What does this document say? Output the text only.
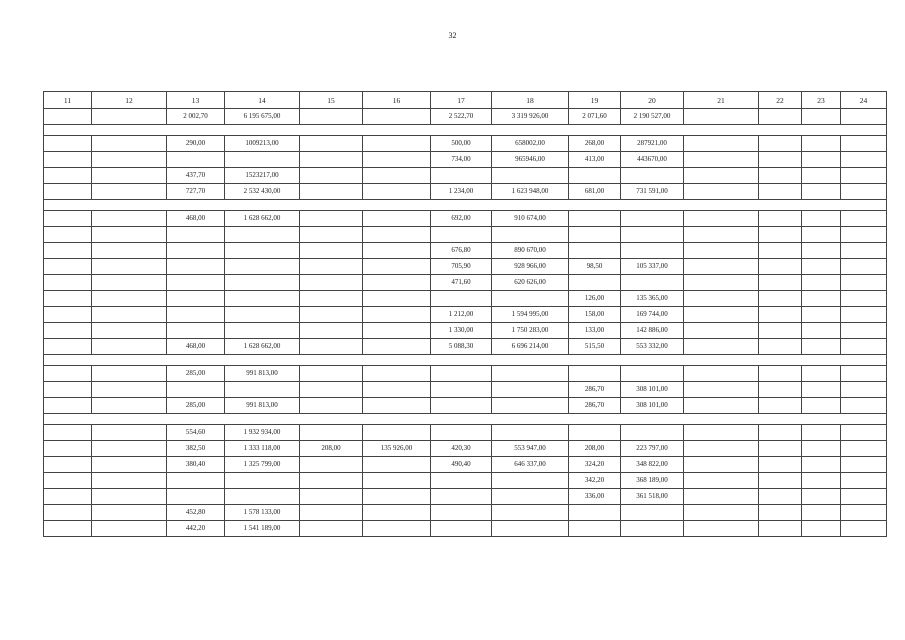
32
11	12	13	14	15	16	17	18	19	20	21	22	23	24
		2 002,70	6 195 675,00			2 522,70	3 319 926,00	2 071,60	2 190 527,00				

		290,00	1009213,00			500,00	658002,00	268,00	287921,00				
						734,00	965946,00	413,00	443670,00				
		437,70	1523217,00										
		727,70	2 532 430,00			1 234,00	1 623 948,00	681,00	731 591,00				

		468,00	1 628 662,00			692,00	910 674,00						

						676,80	890 670,00						
						705,90	928 966,00	98,50	105 337,00				
						471,60	620 626,00						
								126,00	135 365,00				
						1 212,00	1 594 995,00	158,00	169 744,00				
						1 330,00	1 750 283,00	133,00	142 886,00				
		468,00	1 628 662,00			5 088,30	6 696 214,00	515,50	553 332,00				

		285,00	991 813,00										
								286,70	308 101,00				
		285,00	991 813,00					286,70	308 101,00				

		554,60	1 932 934,00										
		382,50	1 333 118,00	208,00	135 926,00	420,30	553 947,00	208,00	223 797,00				
		380,40	1 325 799,00			490,40	646 337,00	324,20	348 822,00				
								342,20	368 189,00				
								336,00	361 518,00				
		452,80	1 578 133,00										
		442,20	1 541 189,00										
